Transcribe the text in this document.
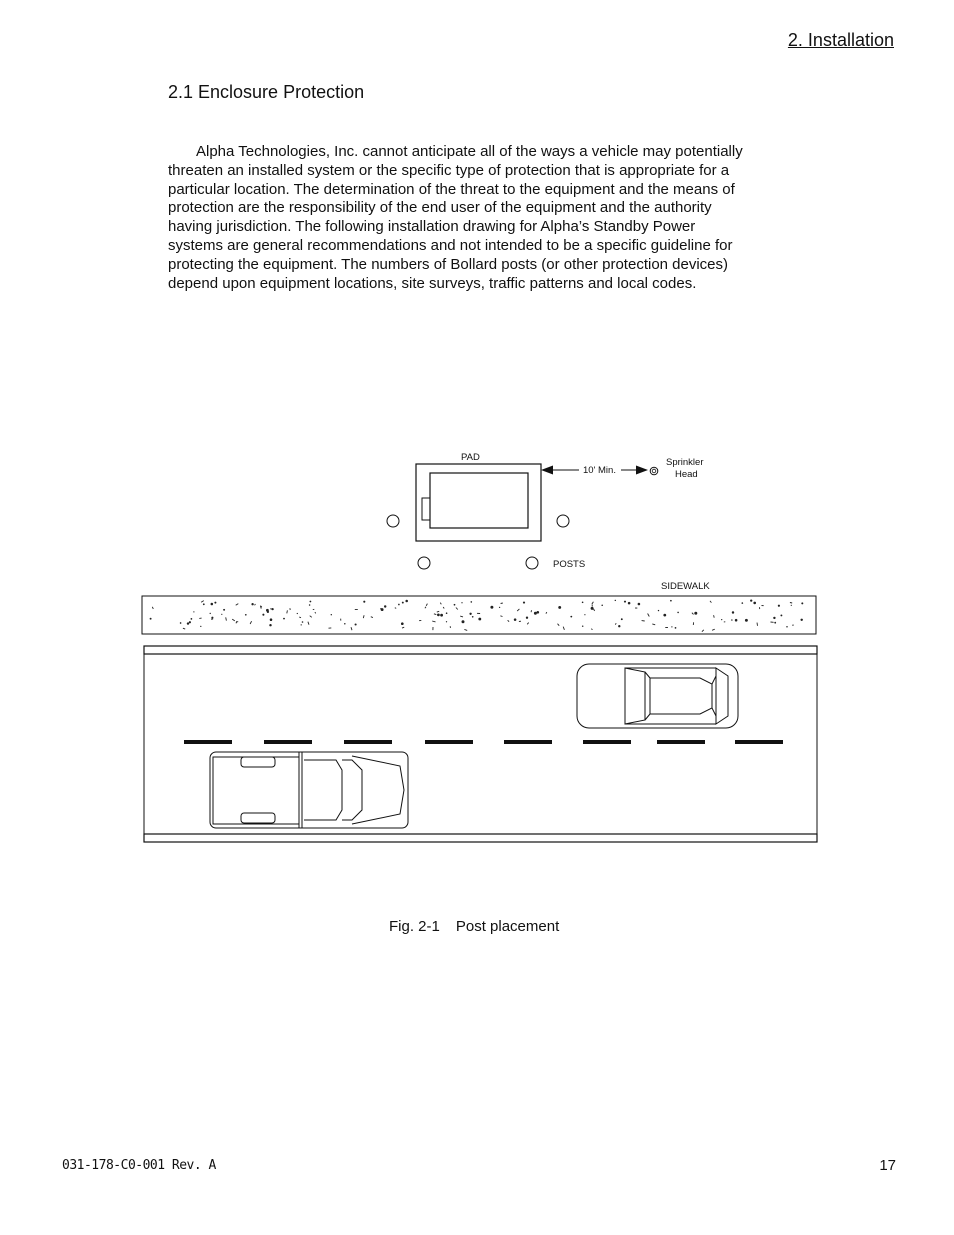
2. Installation
2.1 Enclosure Protection

Alpha Technologies, Inc. cannot anticipate all of the ways a vehicle may potentially threaten an installed system or the specific type of protection that is appropriate for a particular location. The determination of the threat to the equipment and the means of protection are the responsibility of the end user of the equipment and the authority having jurisdiction. The following installation drawing for Alpha’s Standby Power systems are general recommendations and not intended to be a specific guideline for protecting the equipment. The numbers of Bollard posts (or other protection devices) depend upon equipment locations, site surveys, traffic patterns and local codes.

PAD
10' Min.
Sprinkler
Head
POSTS
SIDEWALK
Fig. 2-1 Post placement
031-178-C0-001 Rev. A	17
